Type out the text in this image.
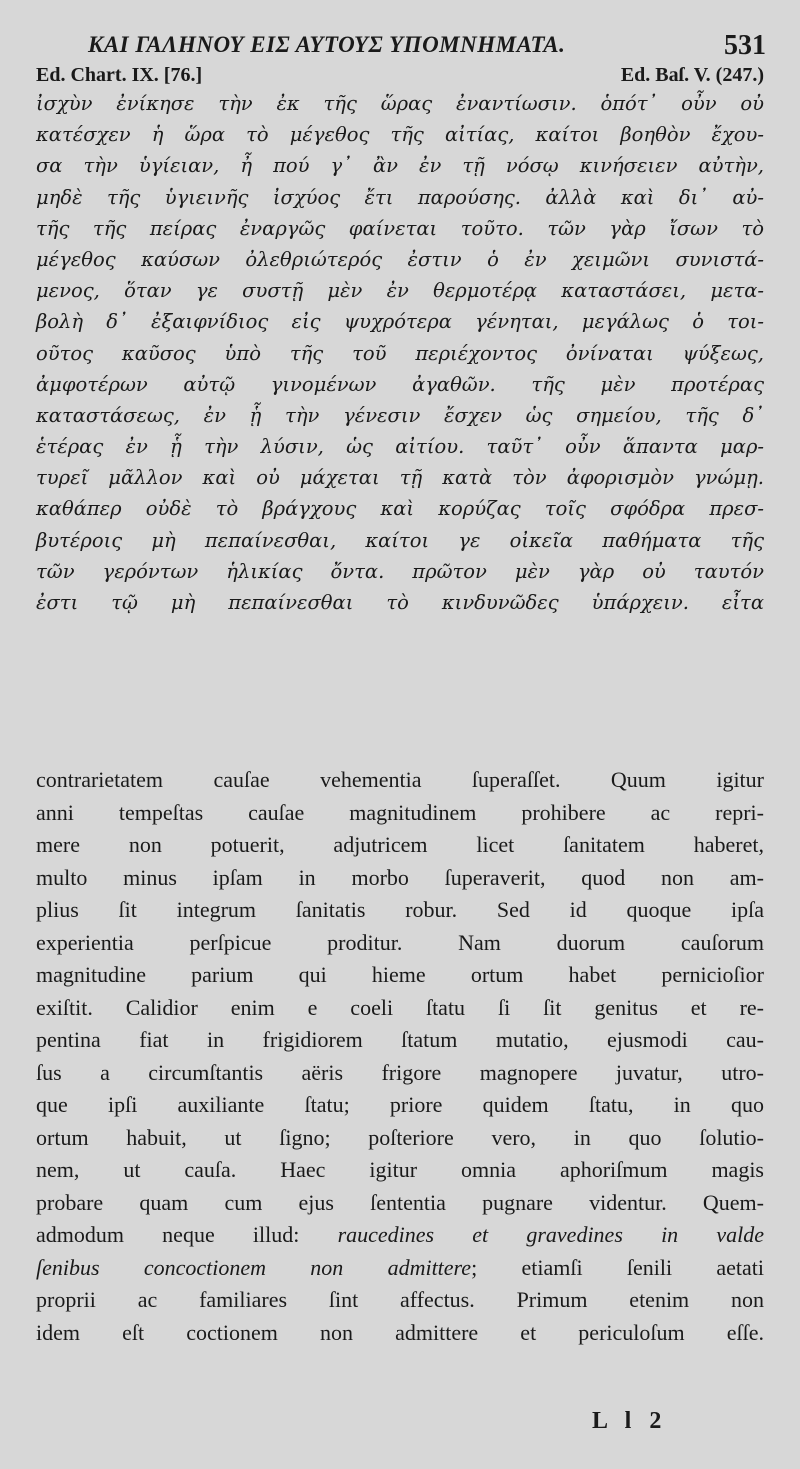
ΚΑΙ ΓΑΛΗΝΟΥ ΕΙΣ ΑΥΤΟΥΣ ΥΠΟΜΝΗΜΑΤΑ.	531
Ed. Chart. IX. [76.]	Ed. Baſ. V. (247.)
ἰσχὺν ἐνίκησε τὴν ἐκ τῆς ὥρας ἐναντίωσιν. ὁπότ᾽ οὖν οὐ
κατέσχεν ἡ ὥρα τὸ μέγεθος τῆς αἰτίας, καίτοι βοηθὸν ἔχου-
σα τὴν ὑγίειαν, ἦ πού γ᾽ ἂν ἐν τῇ νόσῳ κινήσειεν αὐτὴν,
μηδὲ τῆς ὑγιεινῆς ἰσχύος ἔτι παρούσης. ἀλλὰ καὶ δι᾽ αὐ-
τῆς τῆς πείρας ἐναργῶς φαίνεται τοῦτο. τῶν γὰρ ἴσων τὸ
μέγεθος καύσων ὀλεθριώτερός ἐστιν ὁ ἐν χειμῶνι συνιστά-
μενος, ὅταν γε συστῇ μὲν ἐν θερμοτέρᾳ καταστάσει, μετα-
βολὴ δ᾽ ἐξαιφνίδιος εἰς ψυχρότερα γένηται, μεγάλως ὁ τοι-
οῦτος καῦσος ὑπὸ τῆς τοῦ περιέχοντος ὀνίναται ψύξεως,
ἀμφοτέρων αὐτῷ γινομένων ἀγαθῶν. τῆς μὲν προτέρας
καταστάσεως, ἐν ᾗ τὴν γένεσιν ἔσχεν ὡς σημείου, τῆς δ᾽
ἑτέρας ἐν ᾗ τὴν λύσιν, ὡς αἰτίου. ταῦτ᾽ οὖν ἅπαντα μαρ-
τυρεῖ μᾶλλον καὶ οὐ μάχεται τῇ κατὰ τὸν ἀφορισμὸν γνώμῃ.
καθάπερ οὐδὲ τὸ βράγχους καὶ κορύζας τοῖς σφόδρα πρεσ-
βυτέροις μὴ πεπαίνεσθαι, καίτοι γε οἰκεῖα παθήματα τῆς
τῶν γερόντων ἡλικίας ὄντα. πρῶτον μὲν γὰρ οὐ ταυτόν
ἐστι τῷ μὴ πεπαίνεσθαι τὸ κινδυνῶδες ὑπάρχειν. εἶτα
contrarietatem cauſae vehementia ſuperaſſet. Quum igitur
anni tempeſtas cauſae magnitudinem prohibere ac repri-
mere non potuerit, adjutricem licet ſanitatem haberet,
multo minus ipſam in morbo ſuperaverit, quod non am-
plius ſit integrum ſanitatis robur. Sed id quoque ipſa
experientia perſpicue proditur. Nam duorum cauſorum
magnitudine parium qui hieme ortum habet pernicioſior
exiſtit. Calidior enim e coeli ſtatu ſi ſit genitus et re-
pentina fiat in frigidiorem ſtatum mutatio, ejusmodi cau-
ſus a circumſtantis aëris frigore magnopere juvatur, utro-
que ipſi auxiliante ſtatu; priore quidem ſtatu, in quo
ortum habuit, ut ſigno; poſteriore vero, in quo ſolutio-
nem, ut cauſa. Haec igitur omnia aphoriſmum magis
probare quam cum ejus ſententia pugnare videntur. Quem-
admodum neque illud: raucedines et gravedines in valde
ſenibus concoctionem non admittere; etiamſi ſenili aetati
proprii ac familiares ſint affectus. Primum etenim non
idem eſt coctionem non admittere et periculoſum eſſe.
L l 2
